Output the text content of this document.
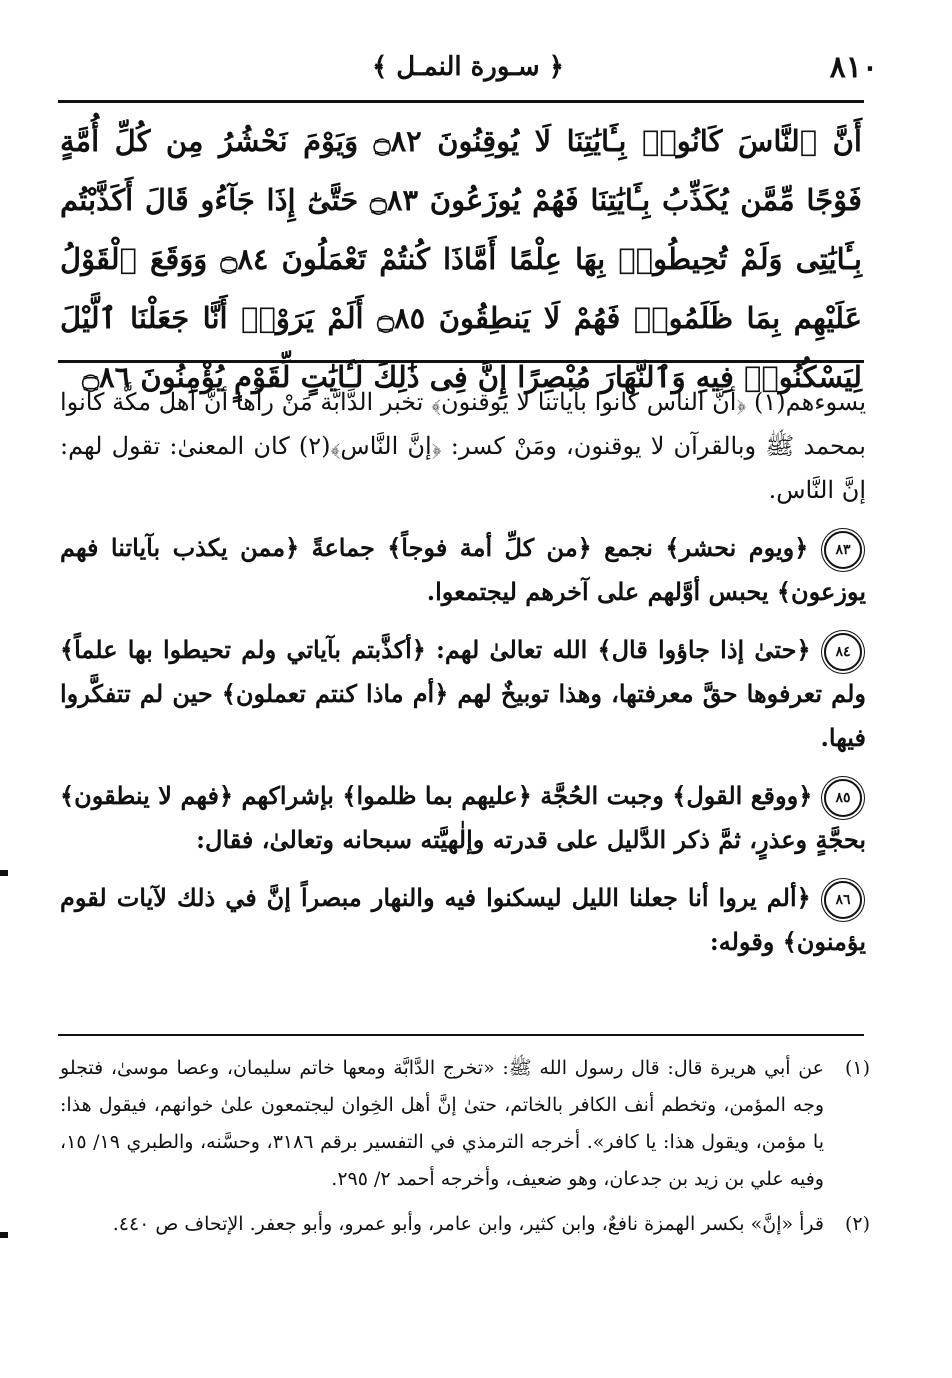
٨١٠
﴿ سـورة النمـل ﴾
أَنَّ ٱلنَّاسَ كَانُوا۟ بِـَٔايَٰتِنَا لَا يُوقِنُونَ ۝٨٢ وَيَوْمَ نَحْشُرُ مِن كُلِّ أُمَّةٍ فَوْجًا مِّمَّن يُكَذِّبُ بِـَٔايَٰتِنَا فَهُمْ يُوزَعُونَ ۝٨٣ حَتَّىٰٓ إِذَا جَآءُو قَالَ أَكَذَّبْتُم بِـَٔايَٰتِى وَلَمْ تُحِيطُوا۟ بِهَا عِلْمًا أَمَّاذَا كُنتُمْ تَعْمَلُونَ ۝٨٤ وَوَقَعَ ٱلْقَوْلُ عَلَيْهِم بِمَا ظَلَمُوا۟ فَهُمْ لَا يَنطِقُونَ ۝٨٥ أَلَمْ يَرَوْا۟ أَنَّا جَعَلْنَا ٱلَّيْلَ لِيَسْكُنُوا۟ فِيهِ وَٱلنَّهَارَ مُبْصِرًا إِنَّ فِى ذَٰلِكَ لَـَٔايَٰتٍ لِّقَوْمٍ يُؤْمِنُونَ ۝٨٦

يسوءهم(١) ﴿أنَّ الناس كانوا بآياتنا لا يوقنون﴾ تخبر الدَّابَّة مَنْ رآها أنَّ أهل مكَّة كانوا بمحمد ﷺ وبالقرآن لا يوقنون، ومَنْ كسر: ﴿إنَّ النَّاس﴾(٢) كان المعنىٰ: تقول لهم: إنَّ النَّاس.

٨٣ ﴿ويوم نحشر﴾ نجمع ﴿من كلِّ أمة فوجاً﴾ جماعةً ﴿ممن يكذب بآياتنا فهم يوزعون﴾ يحبس أوَّلهم على آخرهم ليجتمعوا.

٨٤ ﴿حتىٰ إذا جاؤوا قال﴾ الله تعالىٰ لهم: ﴿أكذَّبتم بآياتي ولم تحيطوا بها علماً﴾ ولم تعرفوها حقَّ معرفتها، وهذا توبيخٌ لهم ﴿أم ماذا كنتم تعملون﴾ حين لم تتفكَّروا فيها.

٨٥ ﴿ووقع القول﴾ وجبت الحُجَّة ﴿عليهم بما ظلموا﴾ بإشراكهم ﴿فهم لا ينطقون﴾ بحجَّةٍ وعذرٍ، ثمَّ ذكر الدَّليل على قدرته وإلٰهيَّته سبحانه وتعالىٰ، فقال:

٨٦ ﴿ألم يروا أنا جعلنا الليل ليسكنوا فيه والنهار مبصراً إنَّ في ذلك لآيات لقوم يؤمنون﴾ وقوله:

(١)
عن أبي هريرة قال: قال رسول الله ﷺ: «تخرج الدَّابَّة ومعها خاتم سليمان، وعصا موسىٰ، فتجلو وجه المؤمن، وتخطم أنف الكافر بالخاتم، حتىٰ إنَّ أهل الخِوان ليجتمعون علىٰ خوانهم، فيقول هذا: يا مؤمن، ويقول هذا: يا كافر». أخرجه الترمذي في التفسير برقم ٣١٨٦، وحسَّنه، والطبري ١٩/ ١٥، وفيه علي بن زيد بن جدعان، وهو ضعيف، وأخرجه أحمد ٢/ ٢٩٥.
(٢)
قرأ «إنَّ» بكسر الهمزة نافعٌ، وابن كثير، وابن عامر، وأبو عمرو، وأبو جعفر. الإتحاف ص ٤٤٠.
